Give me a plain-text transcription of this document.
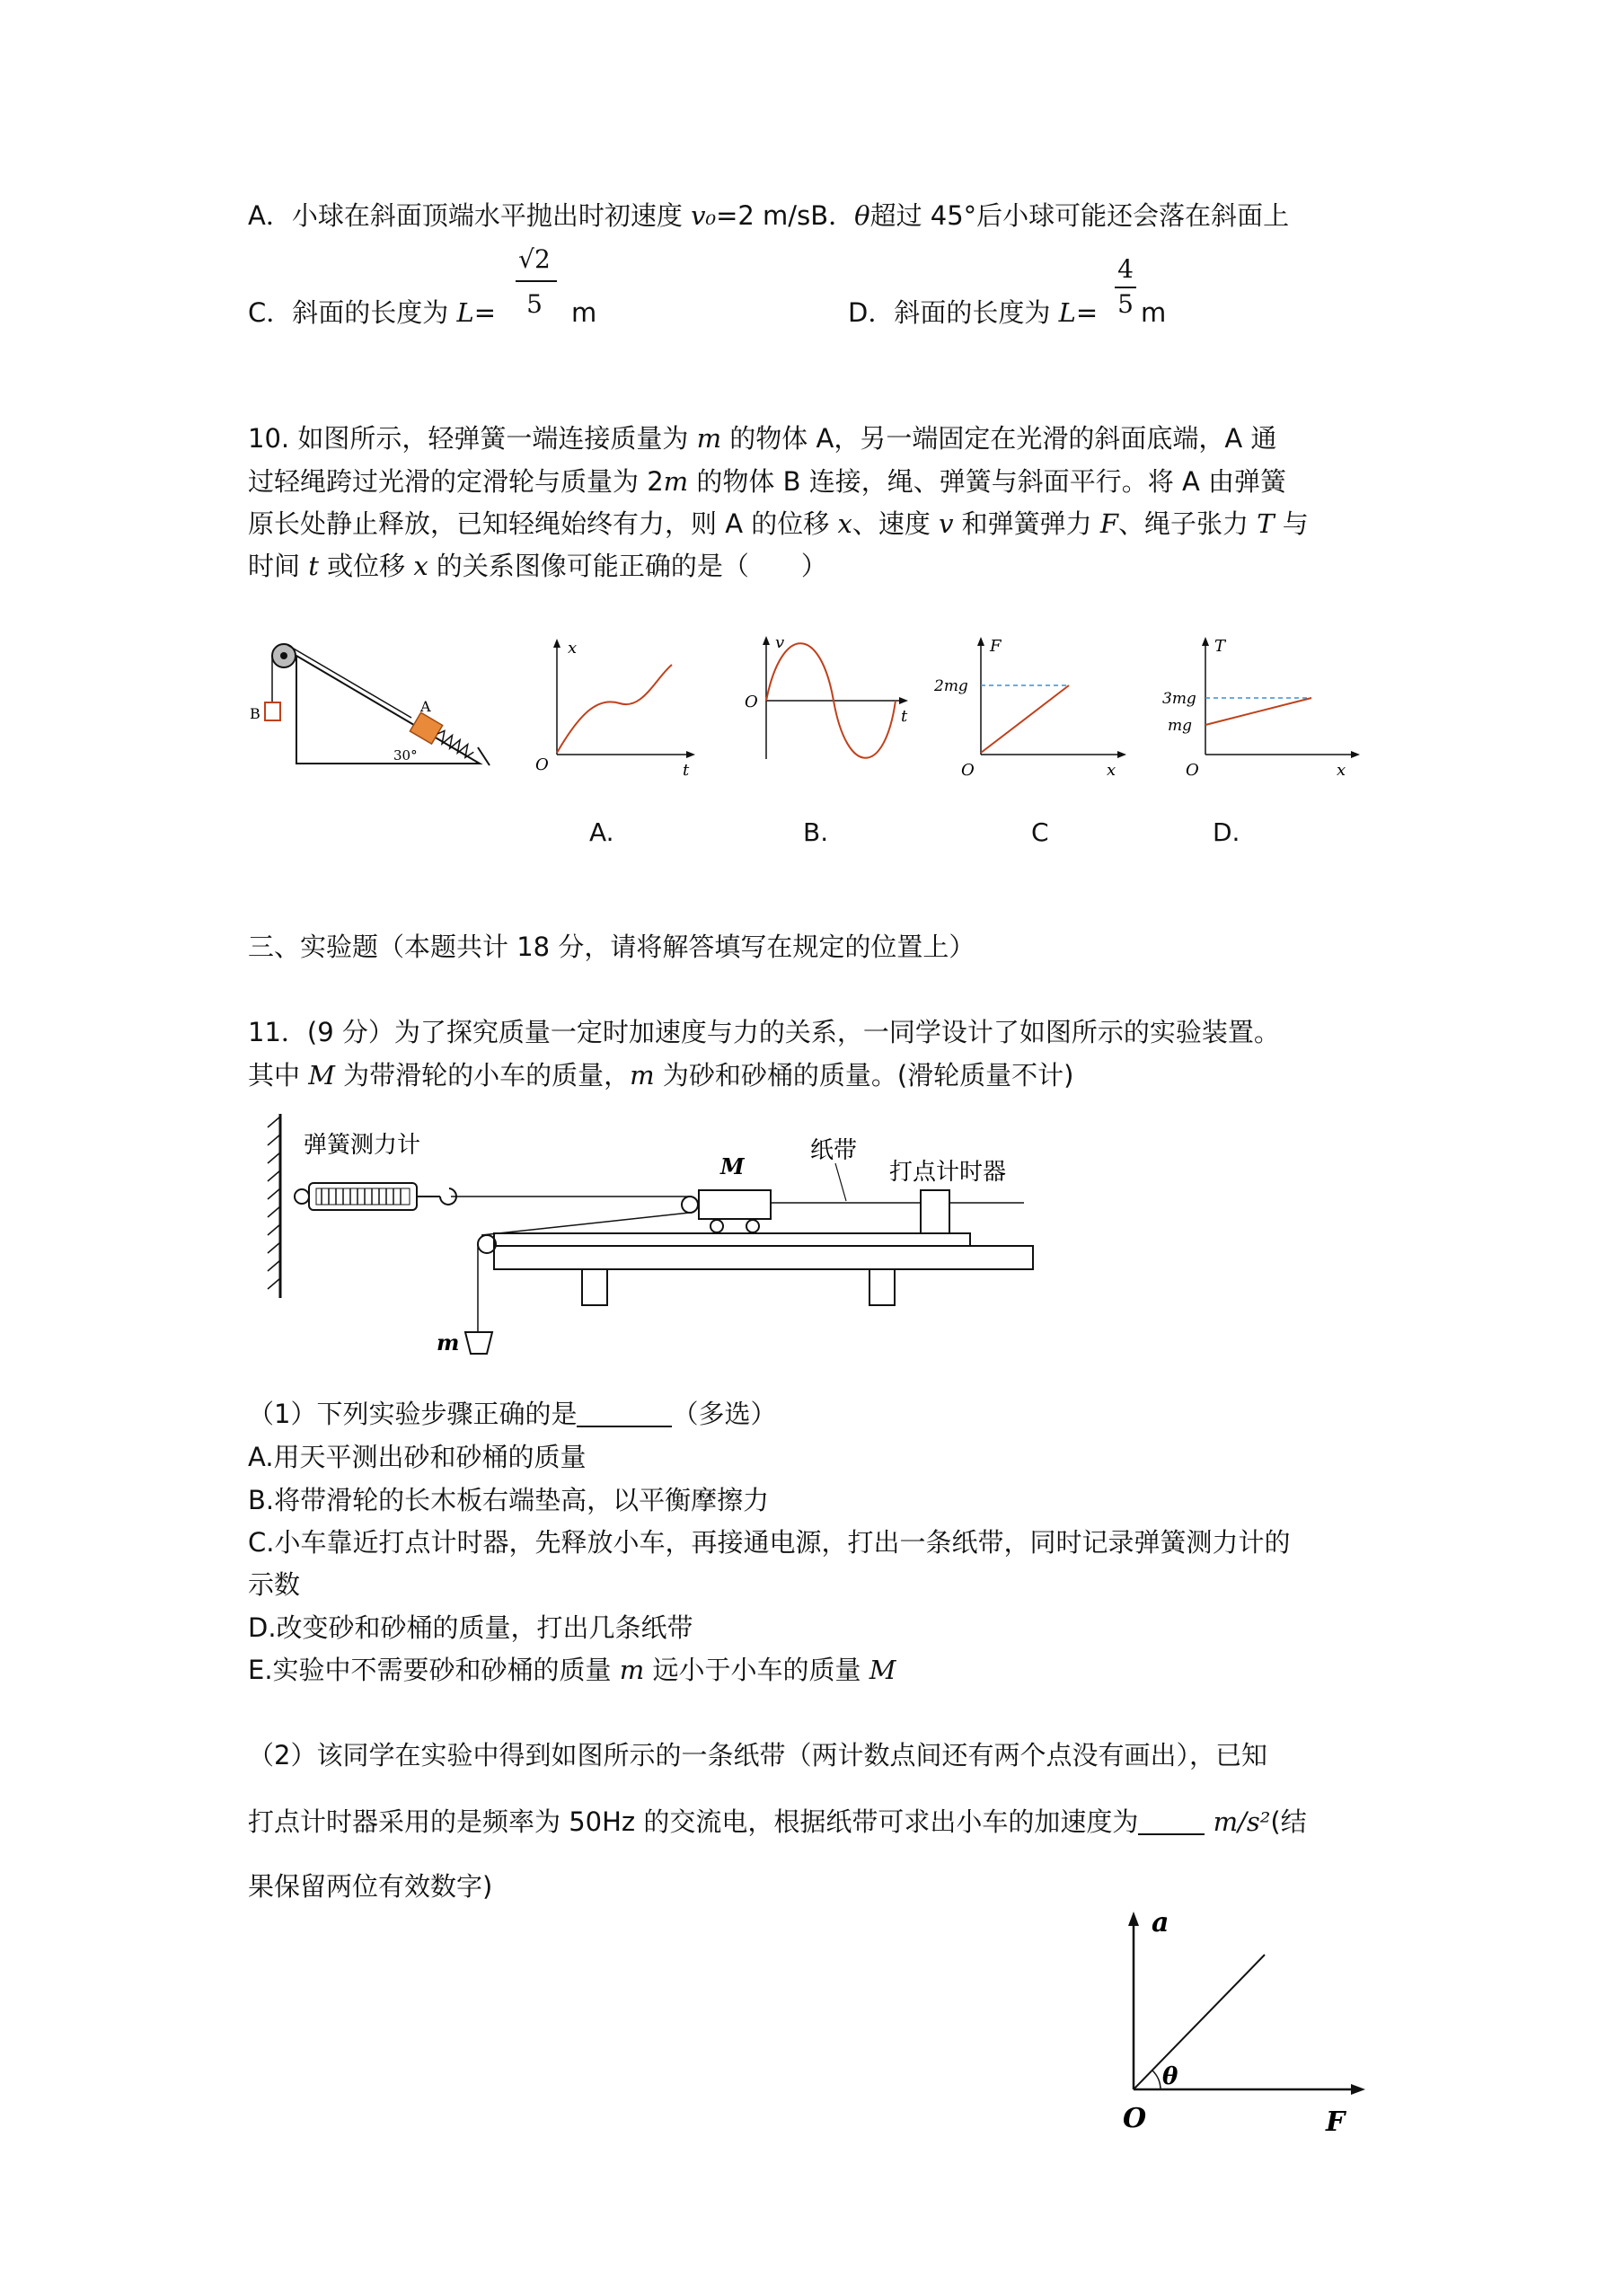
A．小球在斜面顶端水平抛出时初速度 v₀=2 m/sB．θ超过 45°后小球可能还会落在斜面上
C．斜面的长度为 L=
√2
5	m	D．斜面的长度为 L=
4
5 m
10. 如图所示，轻弹簧一端连接质量为 m 的物体 A，另一端固定在光滑的斜面底端，A 通
过轻绳跨过光滑的定滑轮与质量为 2m 的物体 B 连接，绳、弹簧与斜面平行。将 A 由弹簧
原长处静止释放，已知轻绳始终有力，则 A 的位移 x、速度 v 和弹簧弹力 F、绳子张力 T 与
时间 t 或位移 x 的关系图像可能正确的是（　　）
B	A
30°
x
t
O
v
t
O
F
x
O
2mg
T
x
O
3mg
mg
A.	B.	C	D.
三、实验题（本题共计 18 分，请将解答填写在规定的位置上）
11．(9 分）为了探究质量一定时加速度与力的关系，一同学设计了如图所示的实验装置。
其中 M 为带滑轮的小车的质量，m 为砂和砂桶的质量。(滑轮质量不计)
弹簧测力计
m
M
纸带
打点计时器
（1）下列实验步骤正确的是	（多选）
A.用天平测出砂和砂桶的质量
B.将带滑轮的长木板右端垫高，以平衡摩擦力
C.小车靠近打点计时器，先释放小车，再接通电源，打出一条纸带，同时记录弹簧测力计的
示数
D.改变砂和砂桶的质量，打出几条纸带
E.实验中不需要砂和砂桶的质量 m 远小于小车的质量 M
（2）该同学在实验中得到如图所示的一条纸带（两计数点间还有两个点没有画出），已知
打点计时器采用的是频率为 50Hz 的交流电，根据纸带可求出小车的加速度为	m/s²(结
果保留两位有效数字)
a
F
O
θ
